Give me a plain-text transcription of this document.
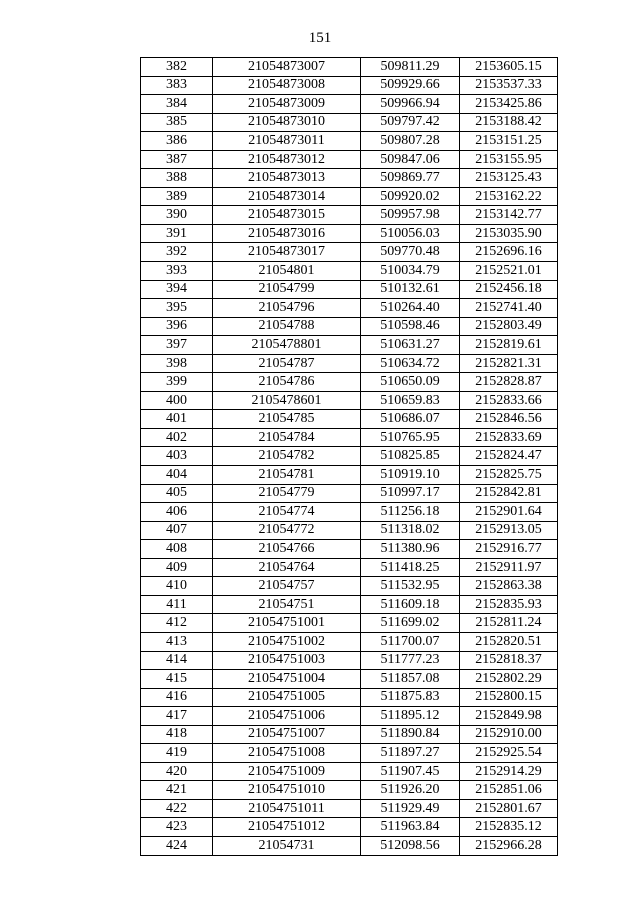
151
382	21054873007	509811.29	2153605.15
383	21054873008	509929.66	2153537.33
384	21054873009	509966.94	2153425.86
385	21054873010	509797.42	2153188.42
386	21054873011	509807.28	2153151.25
387	21054873012	509847.06	2153155.95
388	21054873013	509869.77	2153125.43
389	21054873014	509920.02	2153162.22
390	21054873015	509957.98	2153142.77
391	21054873016	510056.03	2153035.90
392	21054873017	509770.48	2152696.16
393	21054801	510034.79	2152521.01
394	21054799	510132.61	2152456.18
395	21054796	510264.40	2152741.40
396	21054788	510598.46	2152803.49
397	2105478801	510631.27	2152819.61
398	21054787	510634.72	2152821.31
399	21054786	510650.09	2152828.87
400	2105478601	510659.83	2152833.66
401	21054785	510686.07	2152846.56
402	21054784	510765.95	2152833.69
403	21054782	510825.85	2152824.47
404	21054781	510919.10	2152825.75
405	21054779	510997.17	2152842.81
406	21054774	511256.18	2152901.64
407	21054772	511318.02	2152913.05
408	21054766	511380.96	2152916.77
409	21054764	511418.25	2152911.97
410	21054757	511532.95	2152863.38
411	21054751	511609.18	2152835.93
412	21054751001	511699.02	2152811.24
413	21054751002	511700.07	2152820.51
414	21054751003	511777.23	2152818.37
415	21054751004	511857.08	2152802.29
416	21054751005	511875.83	2152800.15
417	21054751006	511895.12	2152849.98
418	21054751007	511890.84	2152910.00
419	21054751008	511897.27	2152925.54
420	21054751009	511907.45	2152914.29
421	21054751010	511926.20	2152851.06
422	21054751011	511929.49	2152801.67
423	21054751012	511963.84	2152835.12
424	21054731	512098.56	2152966.28
